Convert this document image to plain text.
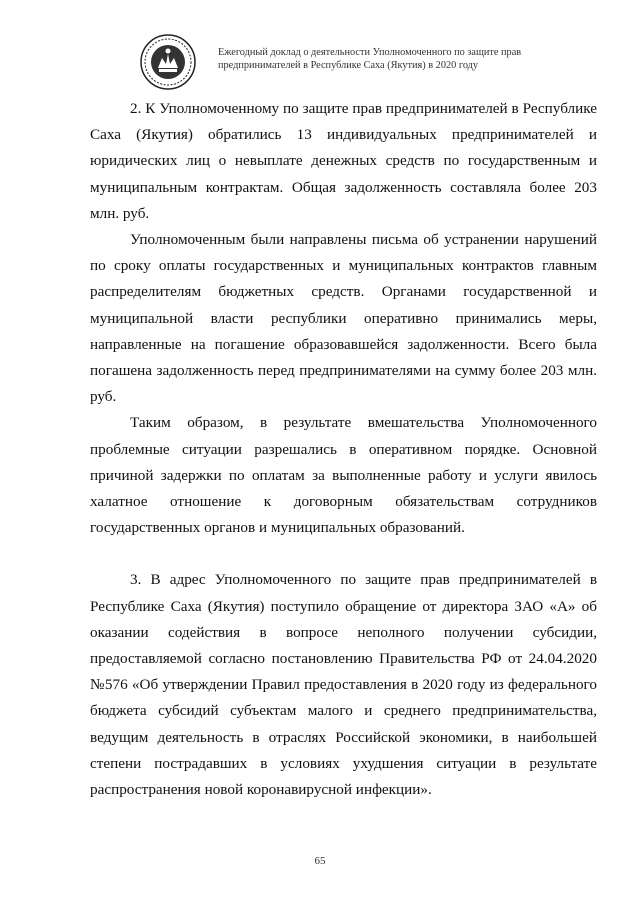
Ежегодный доклад о деятельности Уполномоченного по защите прав
предпринимателей в Республике Саха (Якутия) в 2020 году

2. К Уполномоченному по защите прав предпринимателей в Республике Саха (Якутия) обратились 13 индивидуальных предпринимателей и юридических лиц о невыплате денежных средств по государственным и муниципальным контрактам. Общая задолженность составляла более 203 млн. руб.

Уполномоченным были направлены письма об устранении нарушений по сроку оплаты государственных и муниципальных контрактов главным распределителям бюджетных средств. Органами государственной и муниципальной власти республики оперативно принимались меры, направленные на погашение образовавшейся задолженности. Всего была погашена задолженность перед предпринимателями на сумму более 203 млн. руб.

Таким образом, в результате вмешательства Уполномоченного проблемные ситуации разрешались в оперативном порядке. Основной причиной задержки по оплатам за выполненные работу и услуги явилось халатное отношение к договорным обязательствам сотрудников государственных органов и муниципальных образований.

3. В адрес Уполномоченного по защите прав предпринимателей в Республике Саха (Якутия) поступило обращение от директора ЗАО «А» об оказании содействия в вопросе неполного получении субсидии, предоставляемой согласно постановлению Правительства РФ от 24.04.2020 №576 «Об утверждении Правил предоставления в 2020 году из федерального бюджета субсидий субъектам малого и среднего предпринимательства, ведущим деятельность в отраслях Российской экономики, в наибольшей степени пострадавших в условиях ухудшения ситуации в результате распространения новой коронавирусной инфекции».

65
